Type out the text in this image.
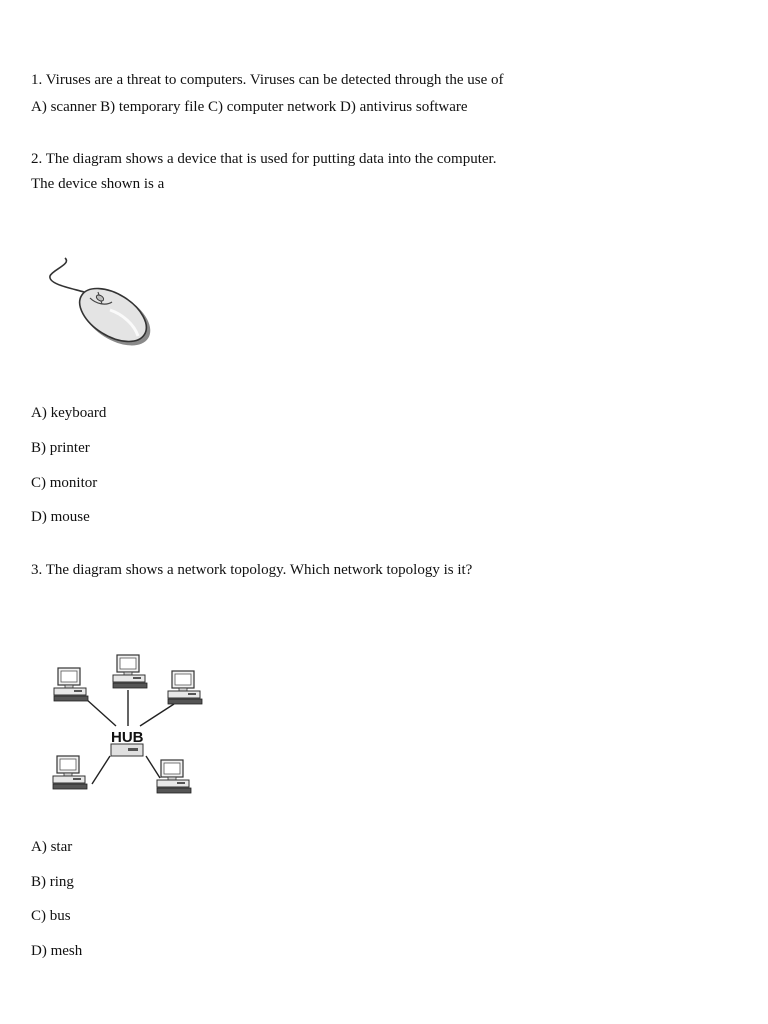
1. Viruses are a threat to computers. Viruses can be detected through the use of
A) scanner B) temporary file C) computer network D) antivirus software
2. The diagram shows a device that is used for putting data into the computer.
The device shown is a
A) keyboard
B) printer
C) monitor
D) mouse
3. The diagram shows a network topology. Which network topology is it?
HUB
A) star
B) ring
C) bus
D) mesh
